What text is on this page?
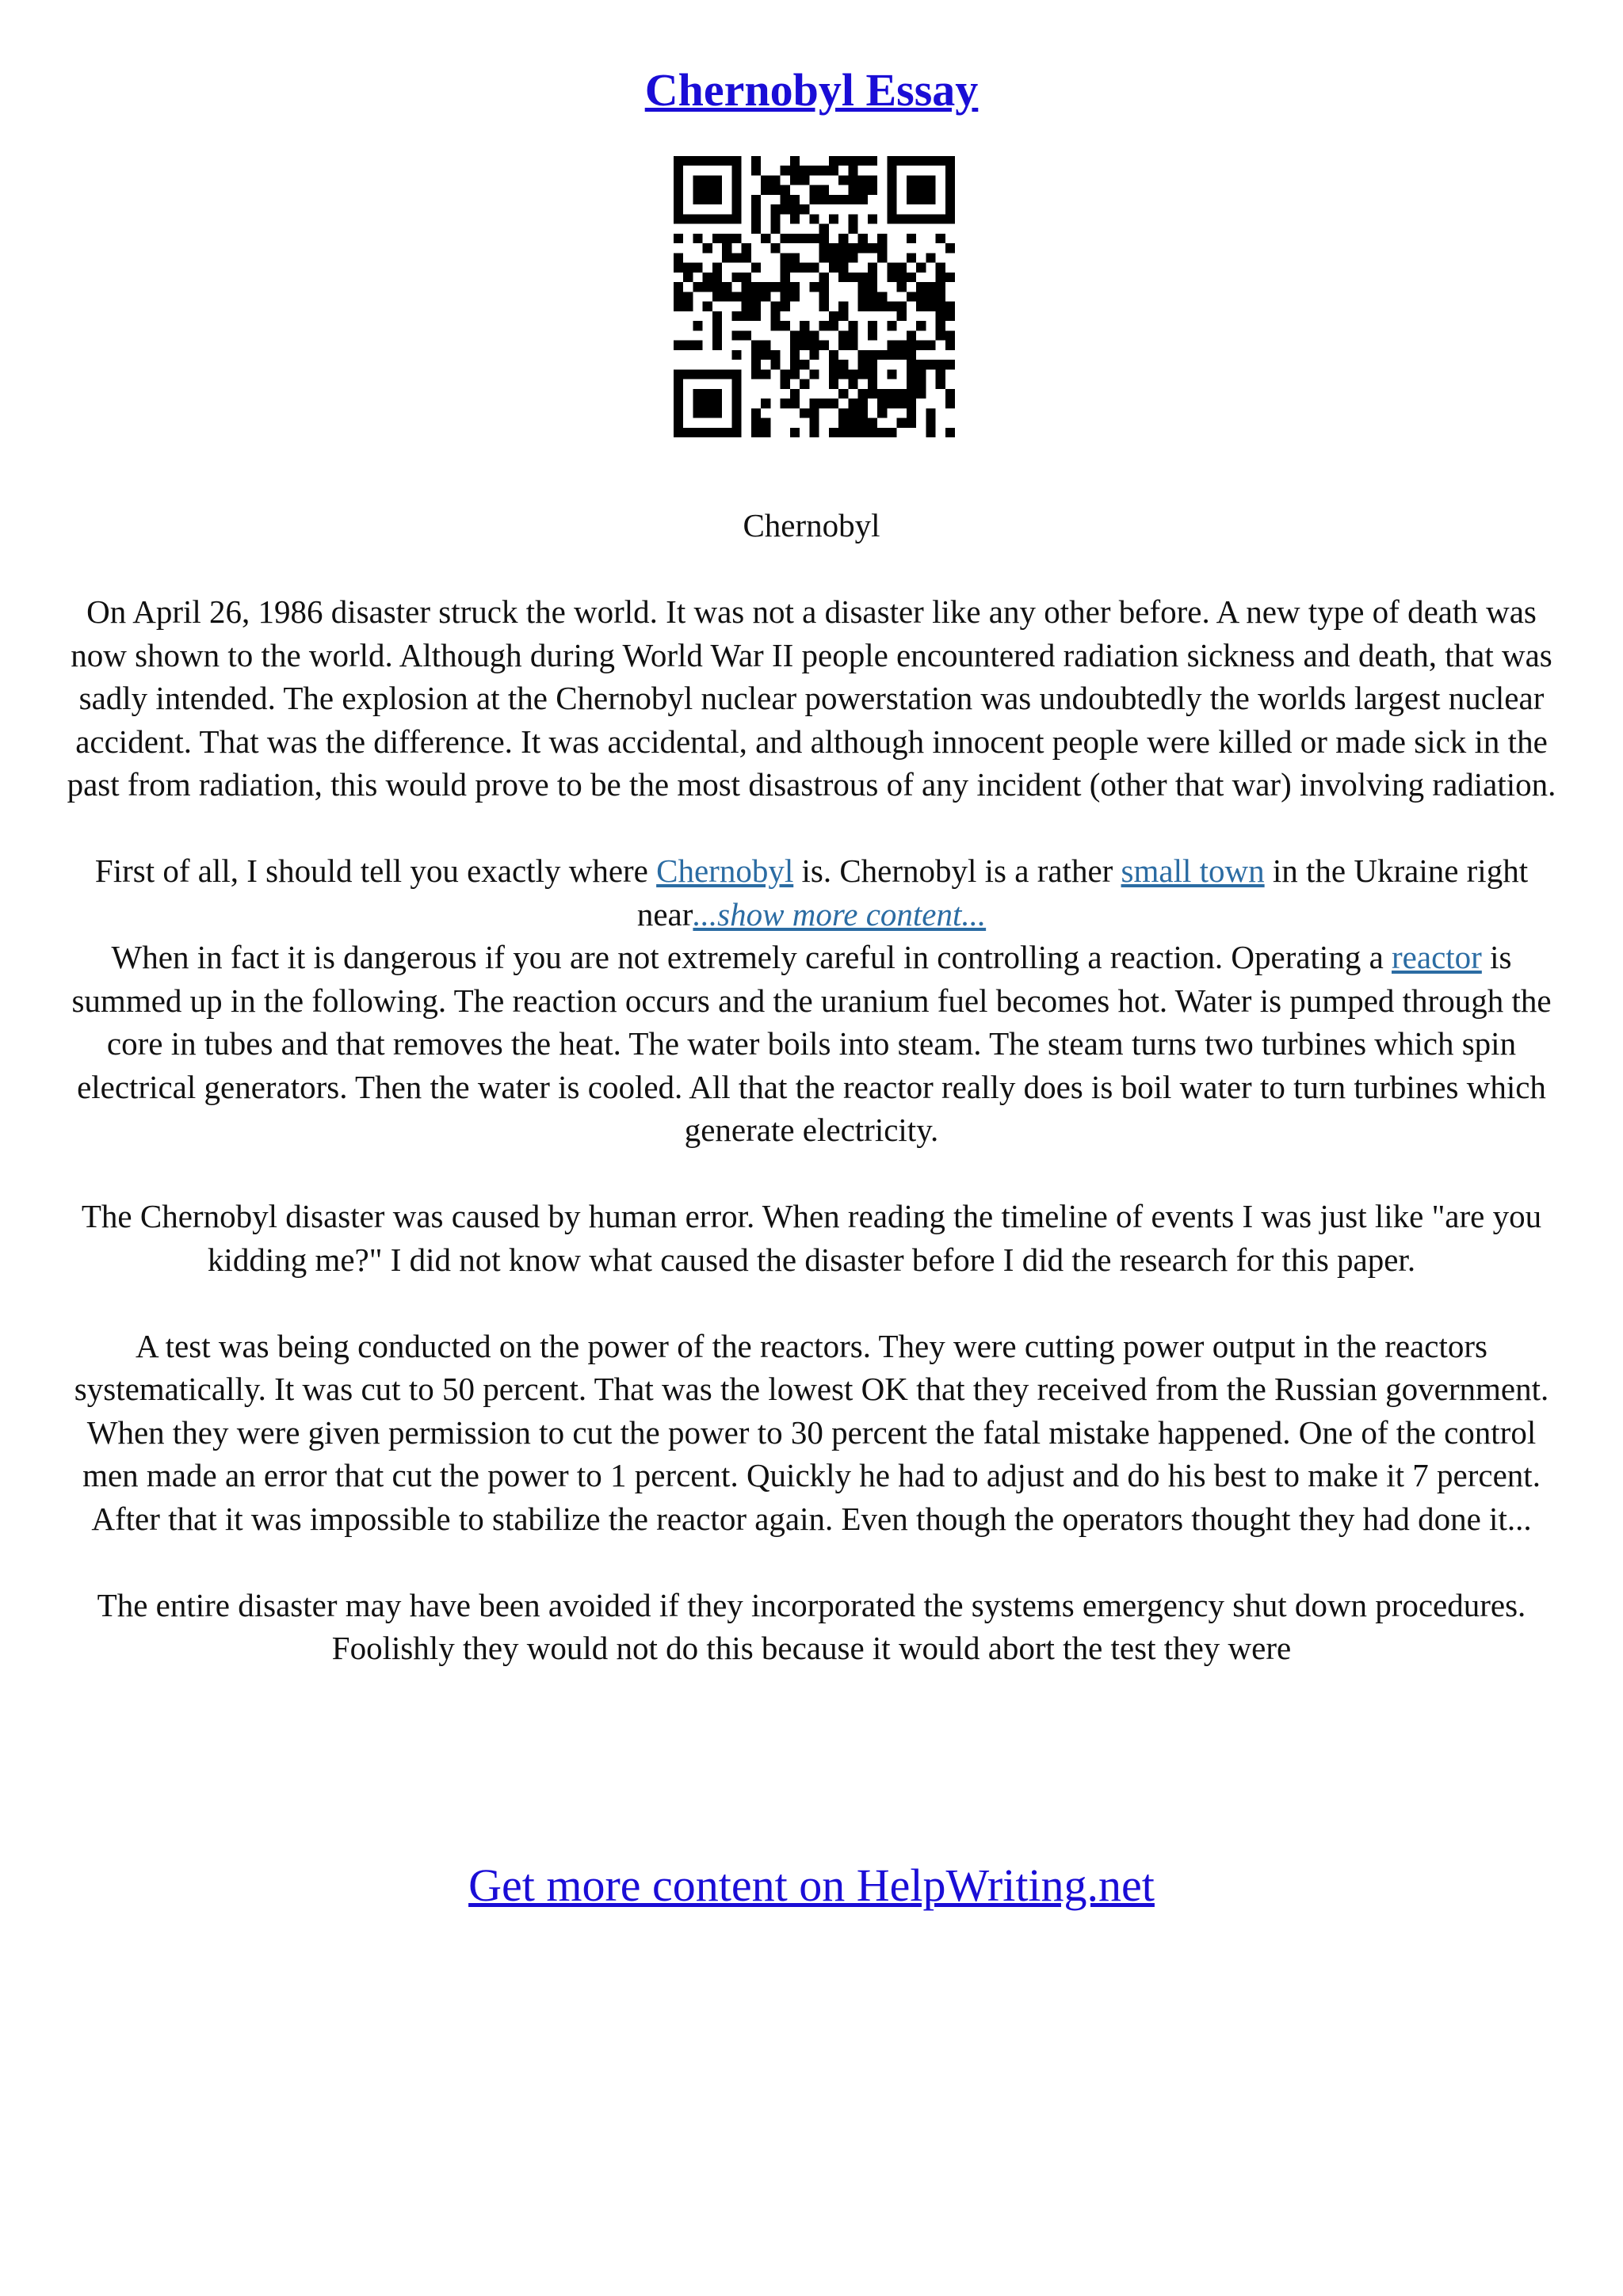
Chernobyl Essay

Chernobyl

On April 26, 1986 disaster struck the world. It was not a disaster like any other before. A new type of death was now shown to the world. Although during World War II people encountered radiation sickness and death, that was sadly intended. The explosion at the Chernobyl nuclear powerstation was undoubtedly the worlds largest nuclear accident. That was the difference. It was accidental, and although innocent people were killed or made sick in the past from radiation, this would prove to be the most disastrous of any incident (other that war) involving radiation.

First of all, I should tell you exactly where Chernobyl is. Chernobyl is a rather small town in the Ukraine right near...show more content...

When in fact it is dangerous if you are not extremely careful in controlling a reaction. Operating a reactor is summed up in the following. The reaction occurs and the uranium fuel becomes hot. Water is pumped through the core in tubes and that removes the heat. The water boils into steam. The steam turns two turbines which spin electrical generators. Then the water is cooled. All that the reactor really does is boil water to turn turbines which generate electricity.

The Chernobyl disaster was caused by human error. When reading the timeline of events I was just like "are you kidding me?" I did not know what caused the disaster before I did the research for this paper.

A test was being conducted on the power of the reactors. They were cutting power output in the reactors systematically. It was cut to 50 percent. That was the lowest OK that they received from the Russian government. When they were given permission to cut the power to 30 percent the fatal mistake happened. One of the control men made an error that cut the power to 1 percent. Quickly he had to adjust and do his best to make it 7 percent. After that it was impossible to stabilize the reactor again. Even though the operators thought they had done it...

The entire disaster may have been avoided if they incorporated the systems emergency shut down procedures. Foolishly they would not do this because it would abort the test they were

Get more content on HelpWriting.net
